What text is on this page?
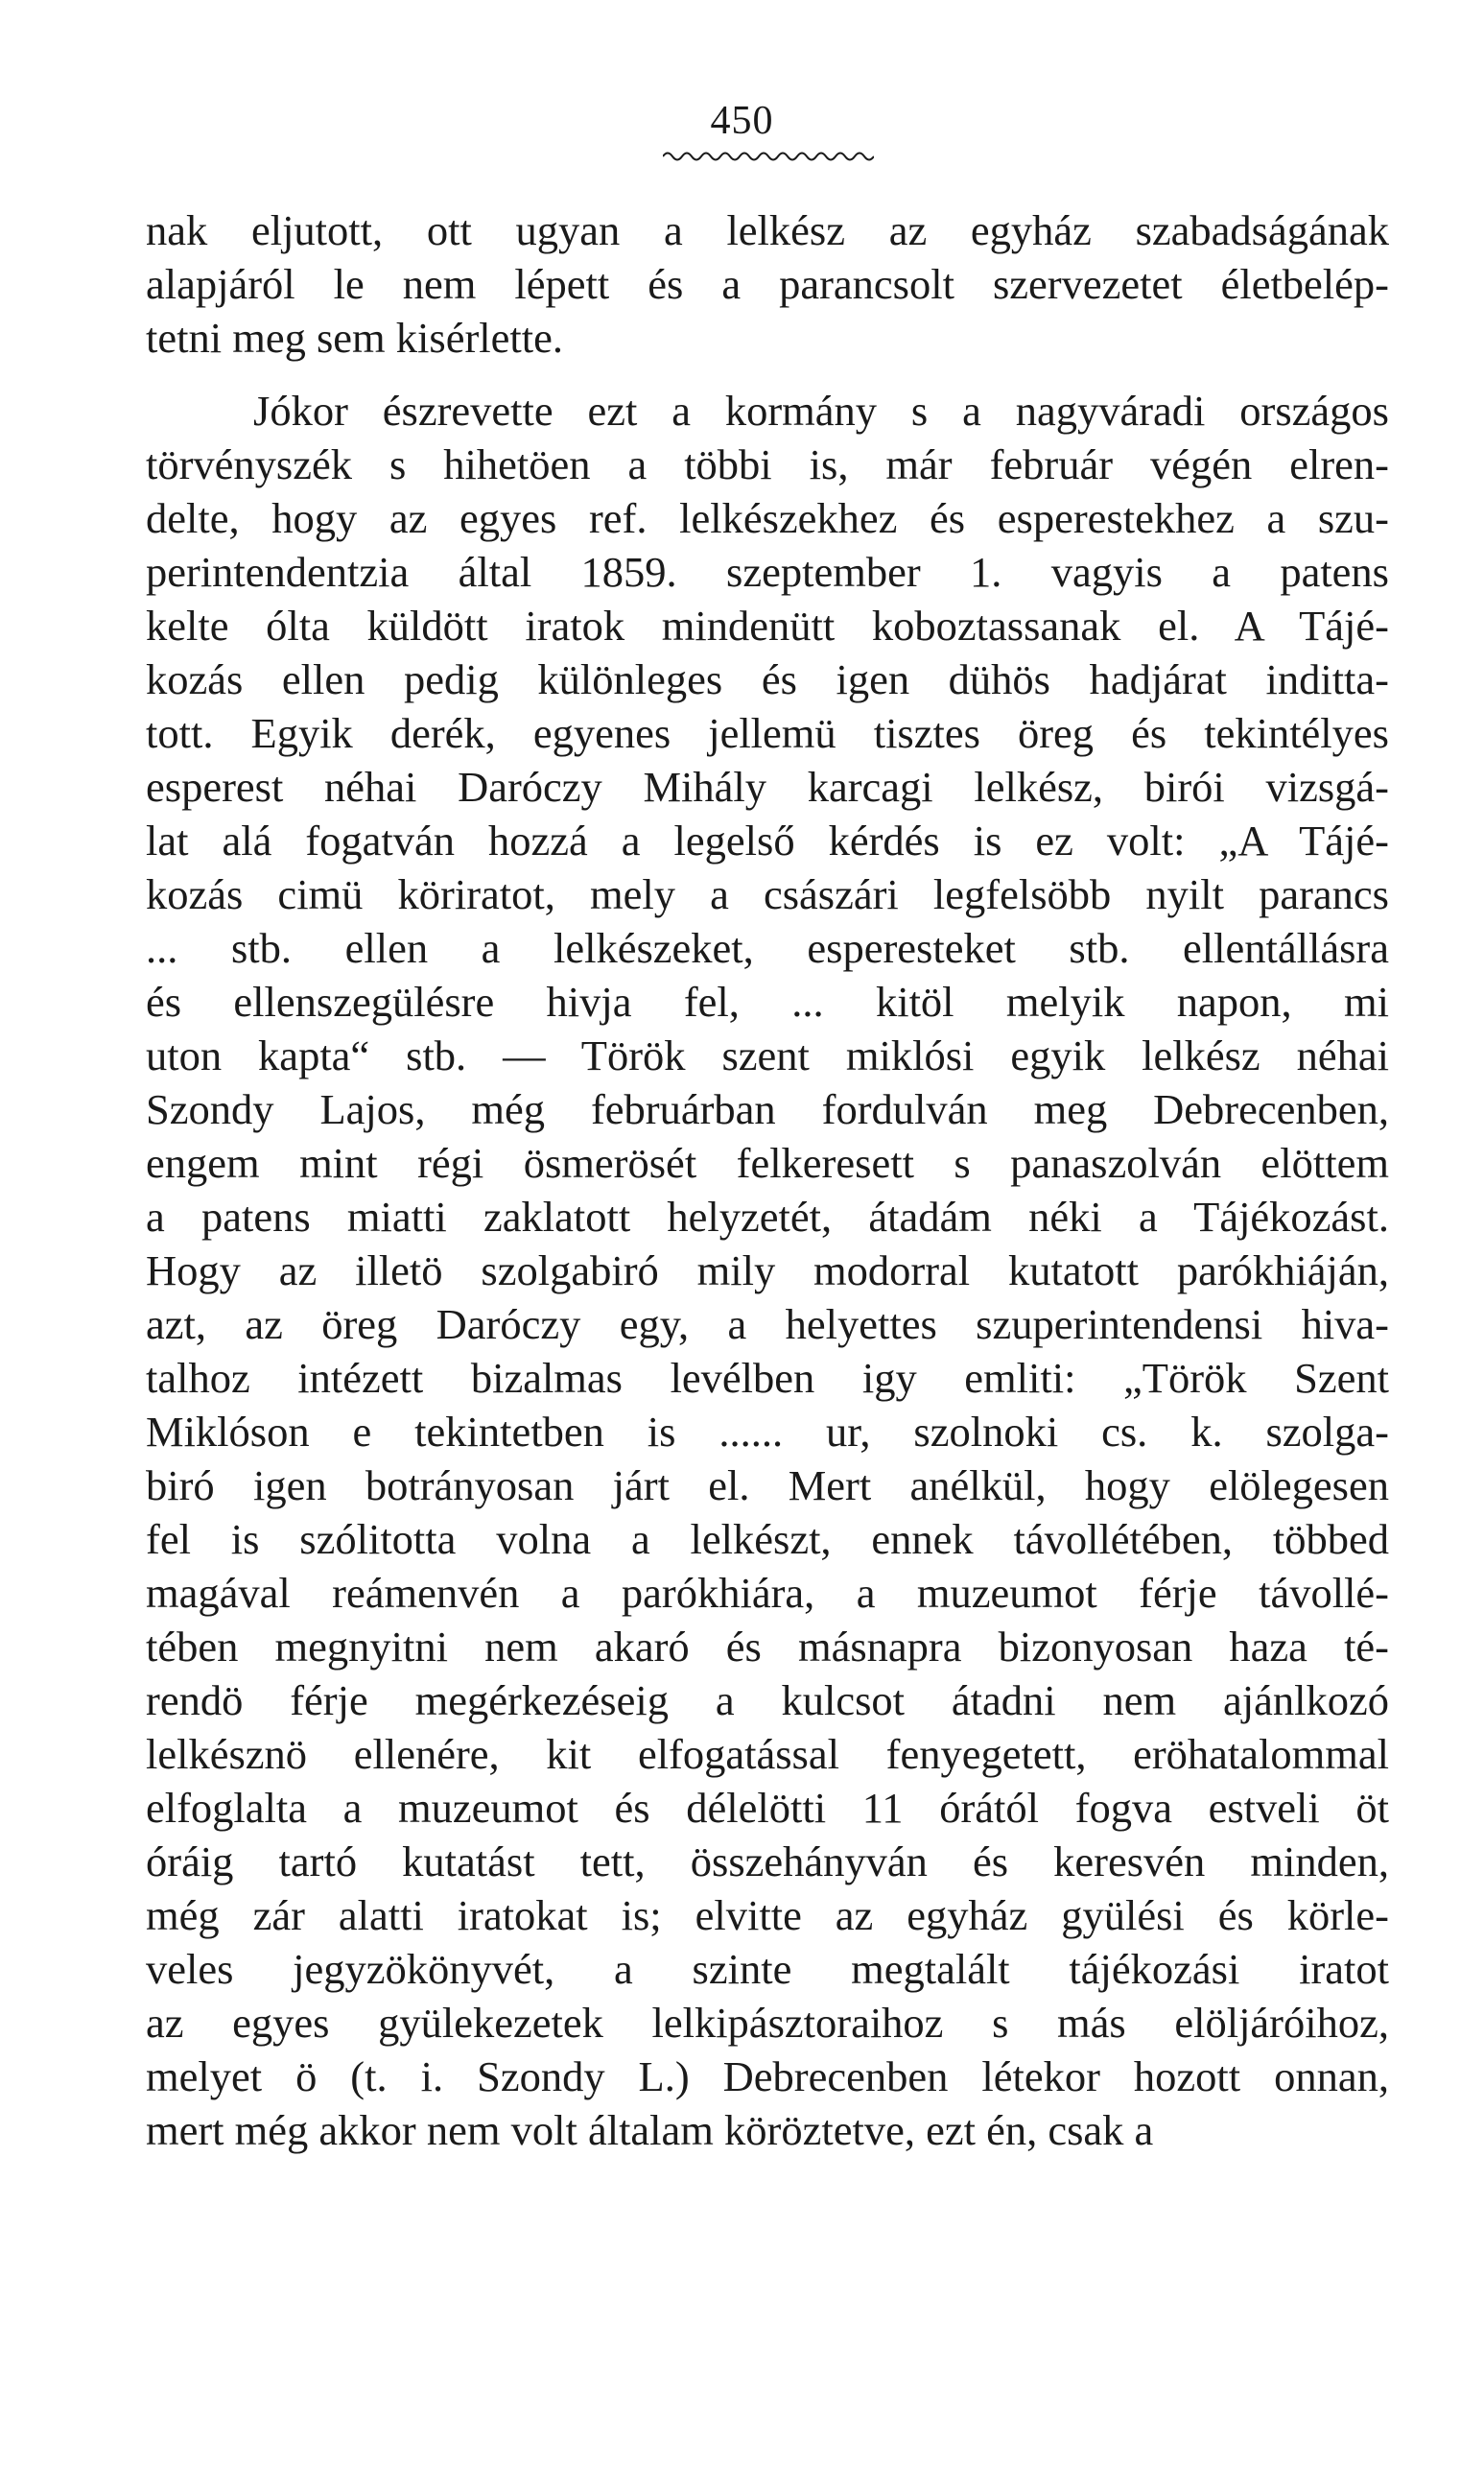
450
nak eljutott, ott ugyan a lelkész az egyház szabadságának
alapjáról le nem lépett és a parancsolt szervezetet életbelép-
tetni meg sem kisérlette.
Jókor észrevette ezt a kormány s a nagyváradi országos
törvényszék s hihetöen a többi is, már február végén elren-
delte, hogy az egyes ref. lelkészekhez és esperestekhez a szu-
perintendentzia által 1859. szeptember 1. vagyis a patens
kelte ólta küldött iratok mindenütt koboztassanak el. A Tájé-
kozás ellen pedig különleges és igen dühös hadjárat inditta-
tott. Egyik derék, egyenes jellemü tisztes öreg és tekintélyes
esperest néhai Daróczy Mihály karcagi lelkész, birói vizsgá-
lat alá fogatván hozzá a legelső kérdés is ez volt: „A Tájé-
kozás cimü köriratot, mely a császári legfelsöbb nyilt parancs
... stb. ellen a lelkészeket, esperesteket stb. ellentállásra
és ellenszegülésre hivja fel, ... kitöl melyik napon, mi
uton kapta“ stb. — Török szent miklósi egyik lelkész néhai
Szondy Lajos, még februárban fordulván meg Debrecenben,
engem mint régi ösmerösét felkeresett s panaszolván elöttem
a patens miatti zaklatott helyzetét, átadám néki a Tájékozást.
Hogy az illetö szolgabiró mily modorral kutatott parókhiáján,
azt, az öreg Daróczy egy, a helyettes szuperintendensi hiva-
talhoz intézett bizalmas levélben igy emliti: „Török Szent
Miklóson e tekintetben is ...... ur, szolnoki cs. k. szolga-
biró igen botrányosan járt el. Mert anélkül, hogy elölegesen
fel is szólitotta volna a lelkészt, ennek távollétében, többed
magával reámenvén a parókhiára, a muzeumot férje távollé-
tében megnyitni nem akaró és másnapra bizonyosan haza té-
rendö férje megérkezéseig a kulcsot átadni nem ajánlkozó
lelkésznö ellenére, kit elfogatással fenyegetett, eröhatalommal
elfoglalta a muzeumot és délelötti 11 órától fogva estveli öt
óráig tartó kutatást tett, összehányván és keresvén minden,
még zár alatti iratokat is; elvitte az egyház gyülési és körle-
veles jegyzökönyvét, a szinte megtalált tájékozási iratot
az egyes gyülekezetek lelkipásztoraihoz s más elöljáróihoz,
melyet ö (t. i. Szondy L.) Debrecenben létekor hozott onnan,
mert még akkor nem volt általam köröztetve, ezt én, csak a
